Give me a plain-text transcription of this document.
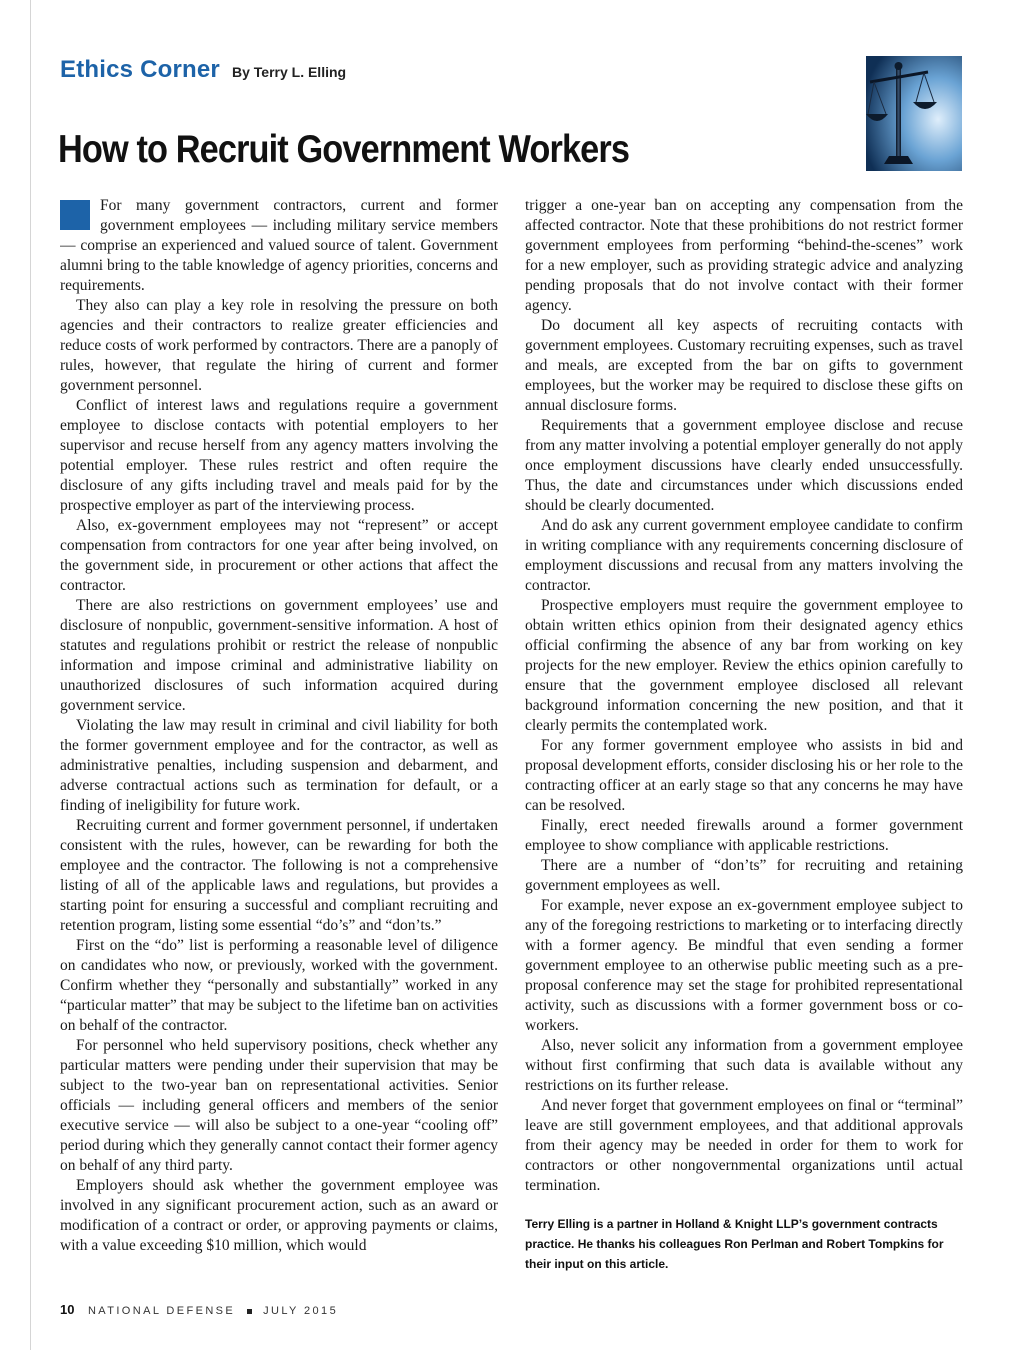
Ethics Corner By Terry L. Elling
How to Recruit Government Workers

For many government contractors, current and former government employees — including military service members — comprise an experienced and valued source of talent. Government alumni bring to the table knowledge of agency priorities, concerns and requirements.

They also can play a key role in resolving the pressure on both agencies and their contractors to realize greater efficiencies and reduce costs of work performed by contractors. There are a panoply of rules, however, that regulate the hiring of current and former government personnel.

Conflict of interest laws and regulations require a government employee to disclose contacts with potential employers to her supervisor and recuse herself from any agency matters involving the potential employer. These rules restrict and often require the disclosure of any gifts including travel and meals paid for by the prospective employer as part of the interviewing process.

Also, ex-government employees may not “represent” or accept compensation from contractors for one year after being involved, on the government side, in procurement or other actions that affect the contractor.

There are also restrictions on government employees’ use and disclosure of nonpublic, government-sensitive information. A host of statutes and regulations prohibit or restrict the release of nonpublic information and impose criminal and administrative liability on unauthorized disclosures of such information acquired during government service.

Violating the law may result in criminal and civil liability for both the former government employee and for the contractor, as well as administrative penalties, including suspension and debarment, and adverse contractual actions such as termination for default, or a finding of ineligibility for future work.

Recruiting current and former government personnel, if undertaken consistent with the rules, however, can be rewarding for both the employee and the contractor. The following is not a comprehensive listing of all of the applicable laws and regulations, but provides a starting point for ensuring a successful and compliant recruiting and retention program, listing some essential “do’s” and “don’ts.”

First on the “do” list is performing a reasonable level of diligence on candidates who now, or previously, worked with the government. Confirm whether they “personally and substantially” worked in any “particular matter” that may be subject to the lifetime ban on activities on behalf of the contractor.

For personnel who held supervisory positions, check whether any particular matters were pending under their supervision that may be subject to the two-year ban on representational activities. Senior officials — including general officers and members of the senior executive service — will also be subject to a one-year “cooling off” period during which they generally cannot contact their former agency on behalf of any third party.

Employers should ask whether the government employee was involved in any significant procurement action, such as an award or modification of a contract or order, or approving payments or claims, with a value exceeding $10 million, which would

trigger a one-year ban on accepting any compensation from the affected contractor. Note that these prohibitions do not restrict former government employees from performing “behind-the-scenes” work for a new employer, such as providing strategic advice and analyzing pending proposals that do not involve contact with their former agency.

Do document all key aspects of recruiting contacts with government employees. Customary recruiting expenses, such as travel and meals, are excepted from the bar on gifts to government employees, but the worker may be required to disclose these gifts on annual disclosure forms.

Requirements that a government employee disclose and recuse from any matter involving a potential employer generally do not apply once employment discussions have clearly ended unsuccessfully. Thus, the date and circumstances under which discussions ended should be clearly documented.

And do ask any current government employee candidate to confirm in writing compliance with any requirements concerning disclosure of employment discussions and recusal from any matters involving the contractor.

Prospective employers must require the government employee to obtain written ethics opinion from their designated agency ethics official confirming the absence of any bar from working on key projects for the new employer. Review the ethics opinion carefully to ensure that the government employee disclosed all relevant background information concerning the new position, and that it clearly permits the contemplated work.

For any former government employee who assists in bid and proposal development efforts, consider disclosing his or her role to the contracting officer at an early stage so that any concerns he may have can be resolved.

Finally, erect needed firewalls around a former government employee to show compliance with applicable restrictions.

There are a number of “don’ts” for recruiting and retaining government employees as well.

For example, never expose an ex-government employee subject to any of the foregoing restrictions to marketing or to interfacing directly with a former agency. Be mindful that even sending a former government employee to an otherwise public meeting such as a pre-proposal conference may set the stage for prohibited representational activity, such as discussions with a former government boss or co-workers.

Also, never solicit any information from a government employee without first confirming that such data is available without any restrictions on its further release.

And never forget that government employees on final or “terminal” leave are still government employees, and that additional approvals from their agency may be needed in order for them to work for contractors or other nongovernmental organizations until actual termination.

Terry Elling is a partner in Holland & Knight LLP’s government contracts practice. He thanks his colleagues Ron Perlman and Robert Tompkins for their input on this article.
10 NATIONAL DEFENSE	JULY 2015
